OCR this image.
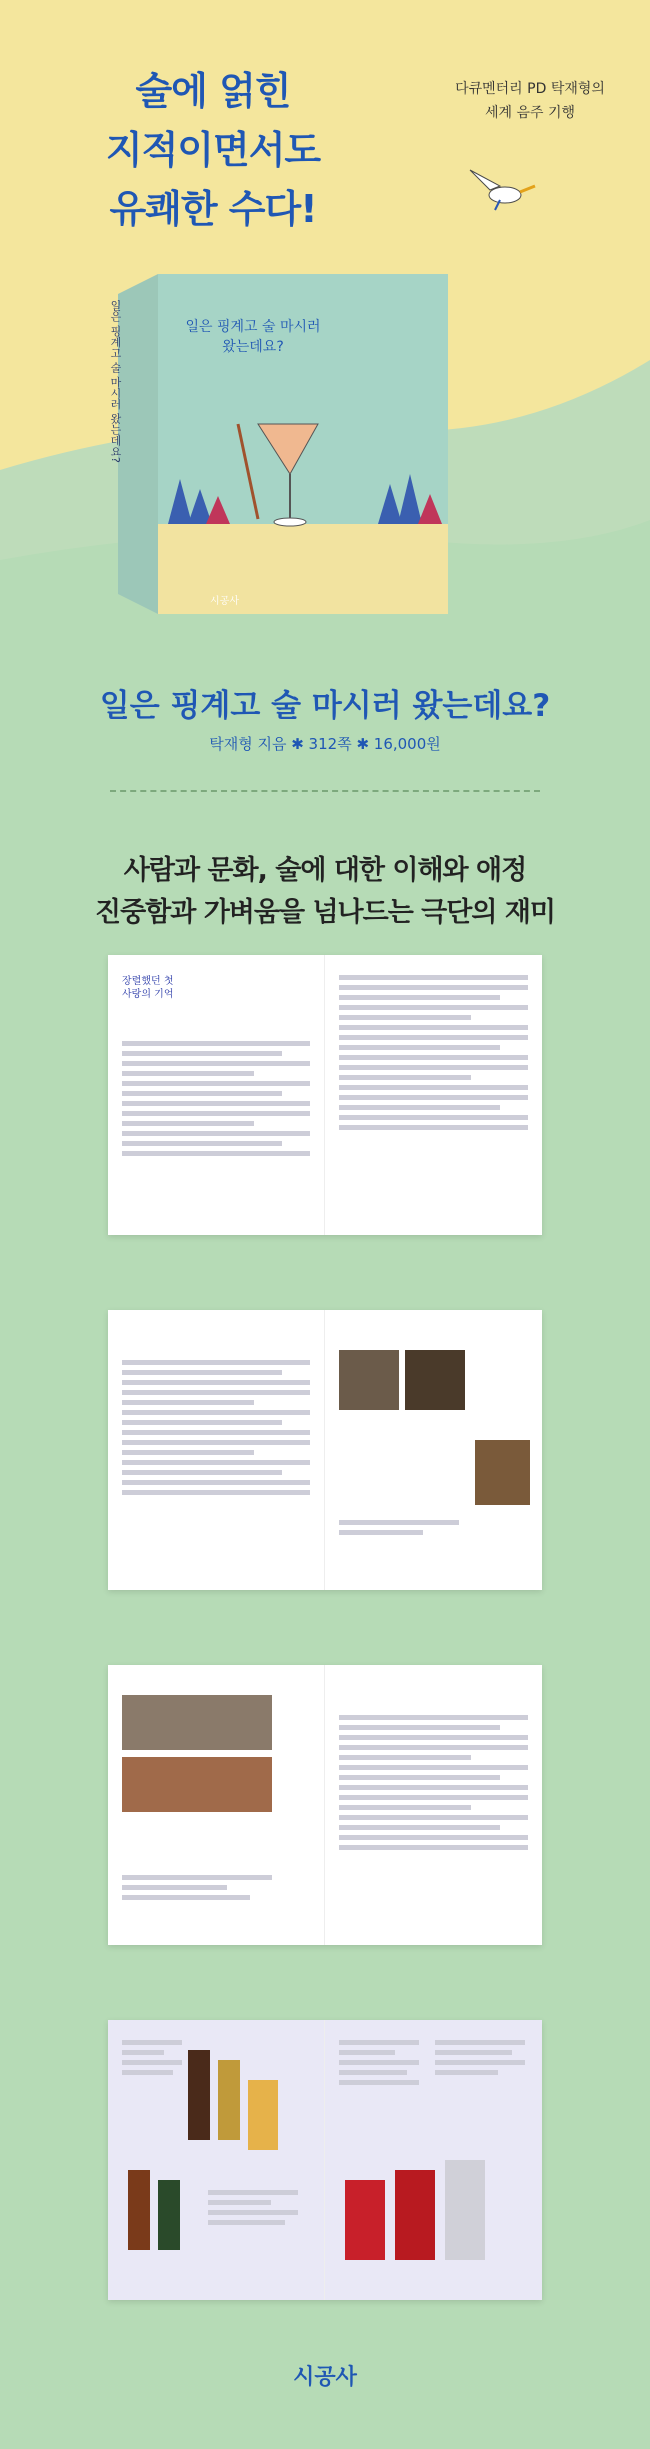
술에 얽힌
지적이면서도
유쾌한 수다!
다큐멘터리 PD 탁재형의
세계 음주 기행
일은 핑계고 술 마시러 왔는데요?
일은 핑계고 술 마시러 왔는데요?
시공사
일은 핑계고 술 마시러 왔는데요?
탁재형 지음 ✱ 312쪽 ✱ 16,000원
사람과 문화, 술에 대한 이해와 애정
진중함과 가벼움을 넘나드는 극단의 재미
장렬했던 첫사랑의 기억
시공사
